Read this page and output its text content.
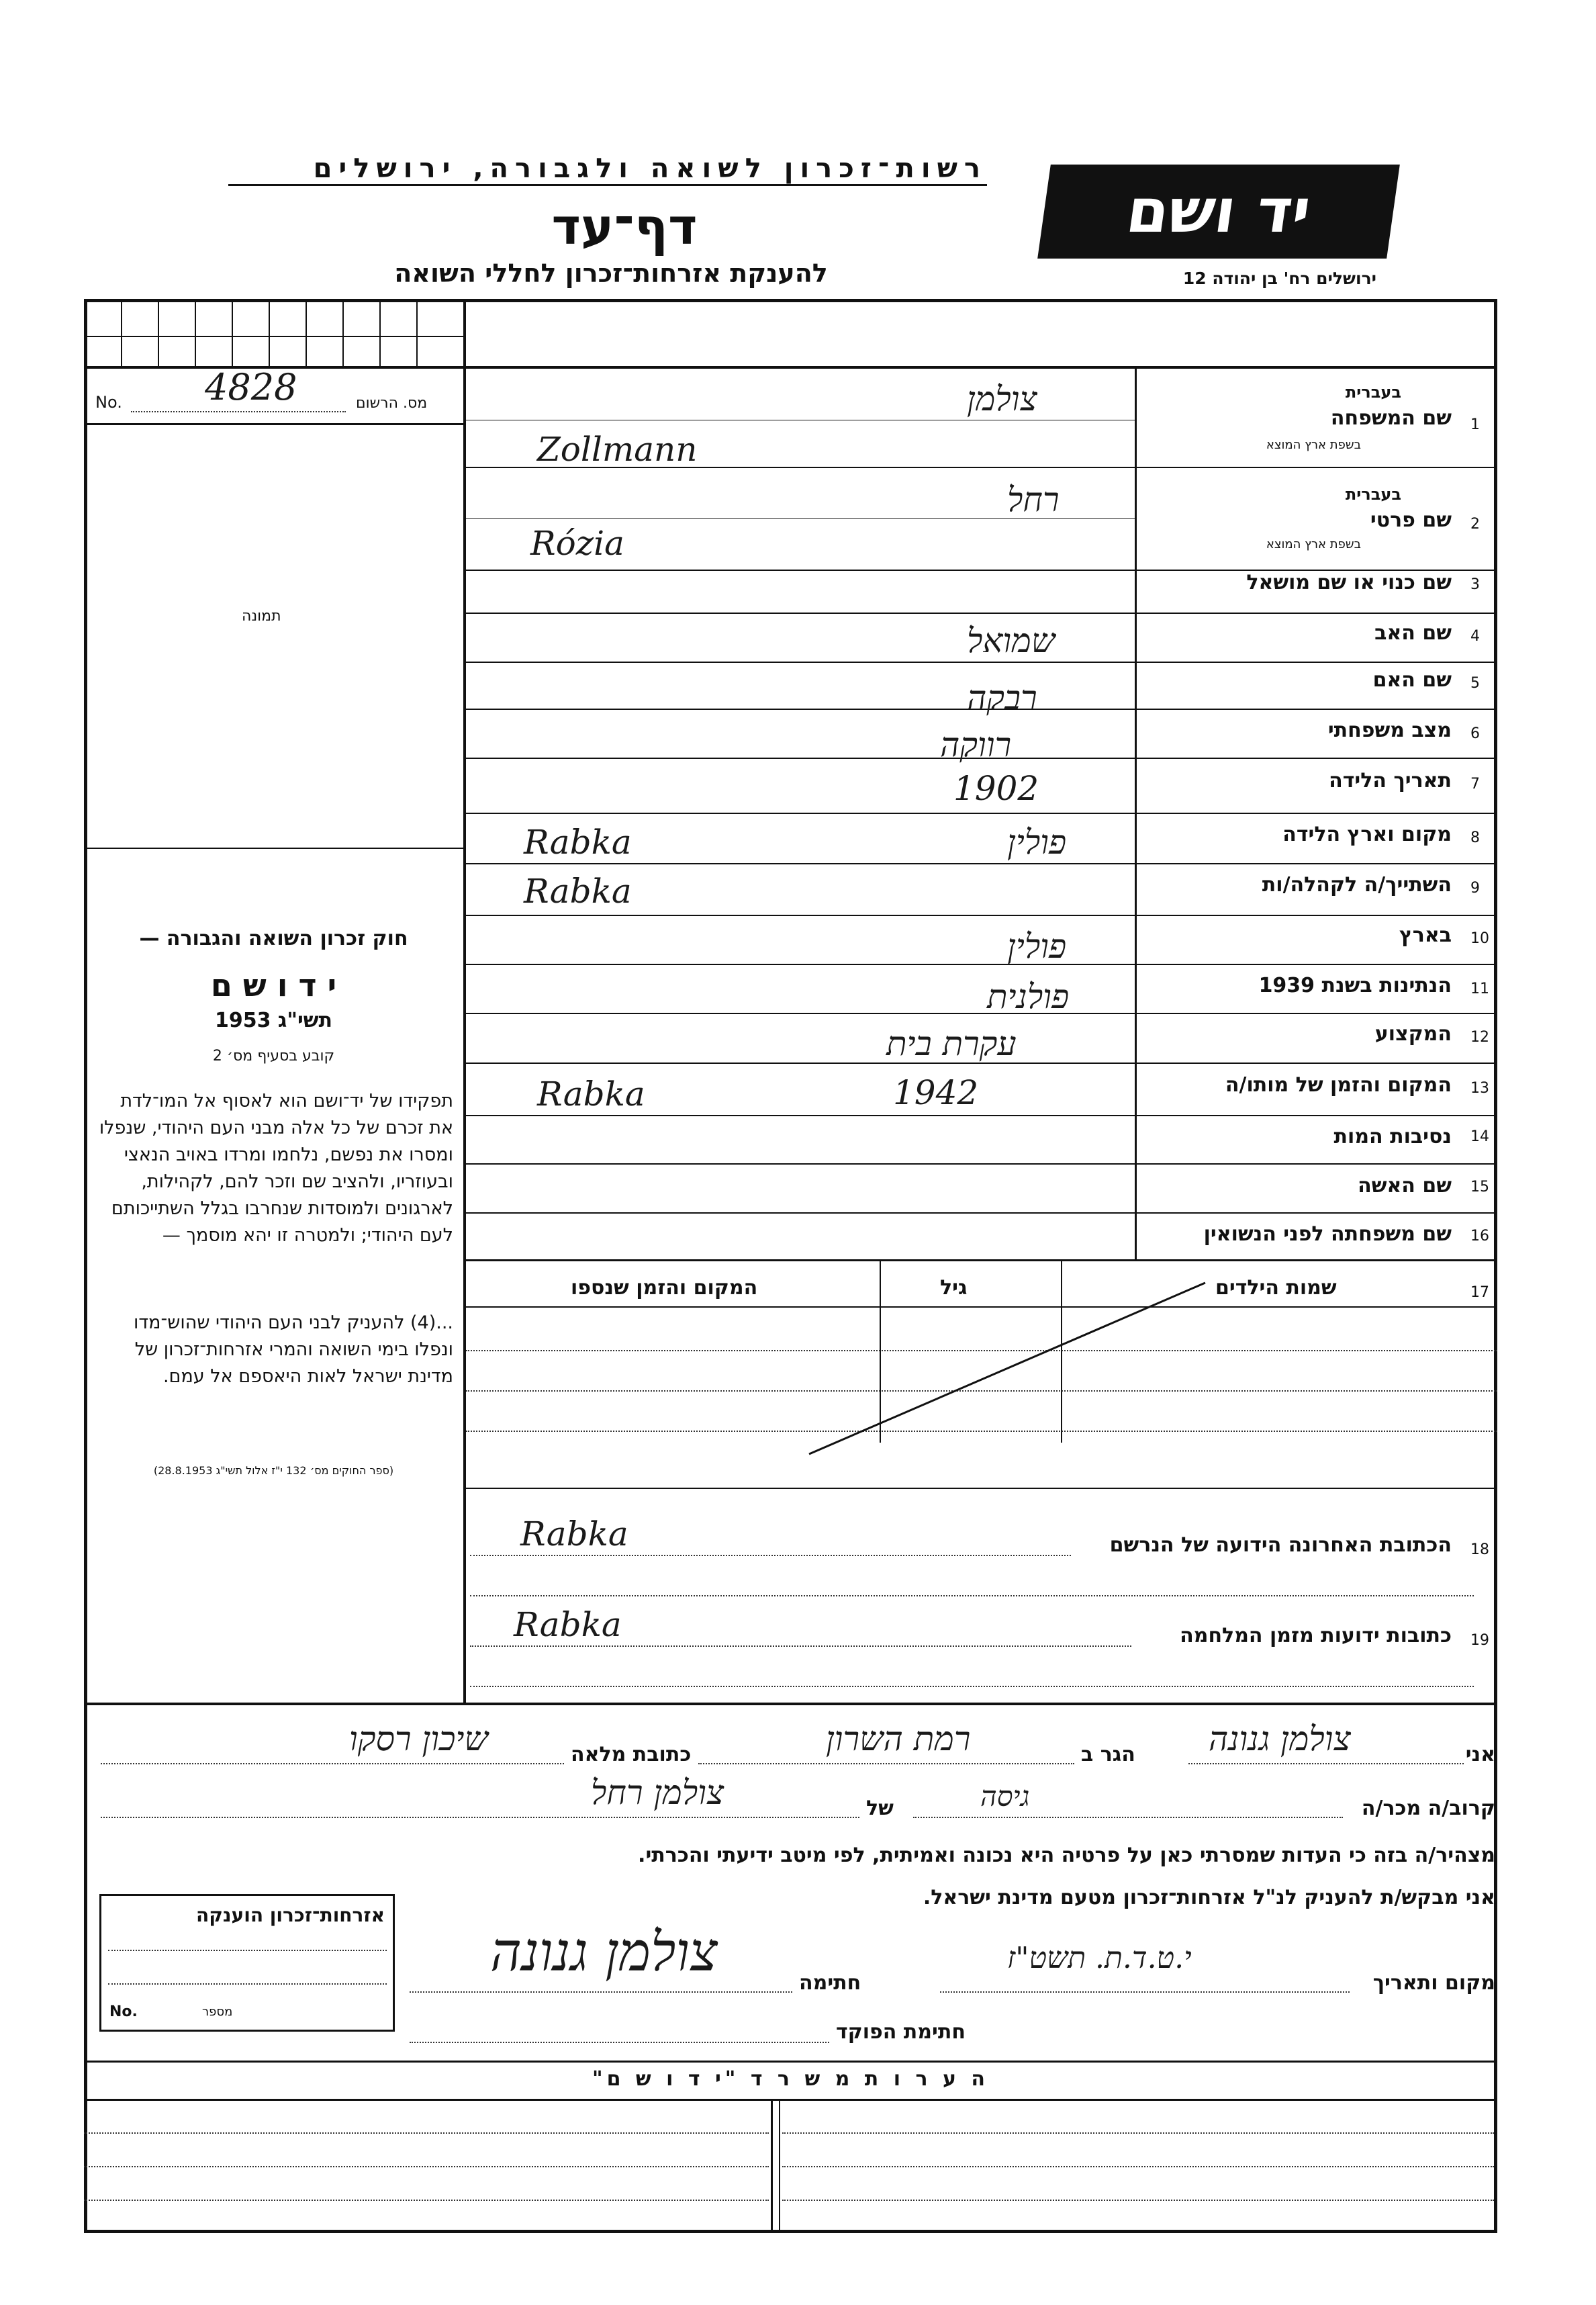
רשות־זכרון לשואה ולגבורה, ירושלים
דף־עד
להענקת אזרחות־זכרון לחללי השואה
יד ושם
ירושלים רח' בן יהודה 12
No. 4828	מס. הרשום
תמונה
חוק זכרון השואה והגבורה —
י ד ו ש ם
תשי"ג 1953
קובע בסעיף מס׳ 2
תפקידו של יד־ושם הוא לאסוף אל המו־לדת את זכרם של כל אלה מבני העם היהודי, שנפלו ומסרו את נפשם, נלחמו ומרדו באויב הנאצי ובעוזריו, ולהציב שם וזכר להם, לקהילות, לארגונים ולמוסדות שנחרבו בגלל השתייכותם לעם היהודי; ולמטרה זו יהא מוסמך —
...(4) להעניק לבני העם היהודי שהוש־מדו ונפלו בימי השואה והמרי אזרחות־זכרון של מדינת ישראל לאות היאספם אל עמם.
(ספר החוקים מס׳ 132 י"ז אלול תשי"ג 28.8.1953)
1
שם המשפחה
בעברית
בשפת ארץ המוצא
צולמן
Zollmann
2
שם פרטי
בעברית
בשפת ארץ המוצא
רחל
Rózia
3
שם כנוי או שם מושאל
4
שם האב
שמואל
5
שם האם
רבקה
6
מצב משפחתי
רווקה
7
תאריך הלידה
1902
8
מקום וארץ הלידה
Rabka	פולין
9
השתייך/ה לקהלה/ות
Rabka
10
בארץ
פולין
11
הנתינות בשנת 1939
פולנית
12
המקצוע
עקרת בית
13
המקום והזמן של מותו/ה
Rabka	1942
14
נסיבות המות
15
שם האשה
16
שם משפחתה לפני הנשואין
17
שמות הילדים
גיל
המקום והזמן שנספו
18
הכתובת האחרונה הידועה של הנרשם
Rabka
19
כתובות ידועות מזמן המלחמה
Rabka
אני
צולמן גנונה
הגר ב
רמת השרון
כתובת מלאה
שיכון רסקו
קרוב/ה מכר/ה
גיסה
של
צולמן רחל
מצהיר/ה בזה כי העדות שמסרתי כאן על פרטיה היא נכונה ואמיתית, לפי מיטב ידיעתי והכרתי.
אני מבקש/ת להעניק לנ"ל אזרחות־זכרון מטעם מדינת ישראל.
אזרחות־זכרון הוענקה
No.	מספר
מקום ותאריך
י.ט.ד.ת. תשט"ז
חתימה
צולמן גנונה
חתימת הפוקד
ה ע ר ו ת מ ש ר ד "י ד ו ש ם"
